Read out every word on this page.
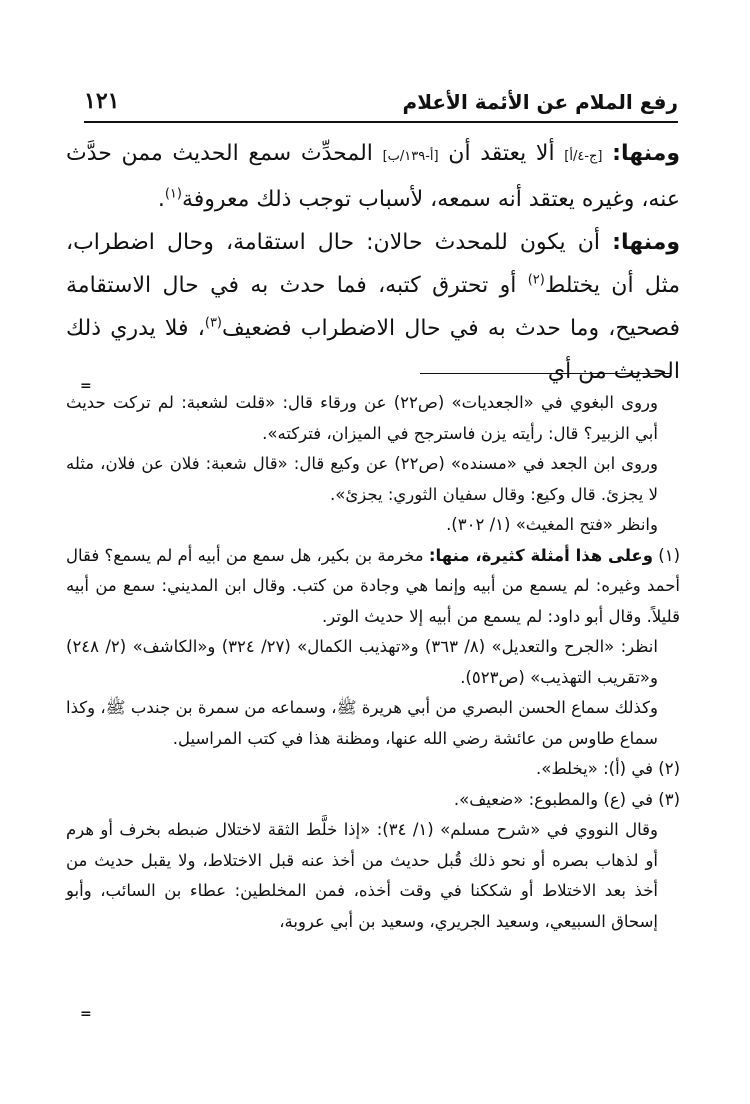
١٢١	رفع الملام عن الأئمة الأعلام

ومنها: [ج-٤/أ] ألا يعتقد أن [أ-١٣٩/ب] المحدِّث سمع الحديث ممن حدَّث عنه، وغيره يعتقد أنه سمعه، لأسباب توجب ذلك معروفة$^{(١)}$.

ومنها: أن يكون للمحدث حالان: حال استقامة، وحال اضطراب، مثل أن يختلط$^{(٢)}$ أو تحترق كتبه، فما حدث به في حال الاستقامة فصحيح، وما حدث به في حال الاضطراب فضعيف$^{(٣)}$، فلا يدري ذلك الحديث من أي

=

وروى البغوي في «الجعديات» (ص٢٢) عن ورقاء قال: «قلت لشعبة: لم تركت حديث أبي الزبير؟ قال: رأيته يزن فاسترجح في الميزان، فتركته».

وروى ابن الجعد في «مسنده» (ص٢٢) عن وكيع قال: «قال شعبة: فلان عن فلان، مثله لا يجزئ. قال وكيع: وقال سفيان الثوري: يجزئ».

وانظر «فتح المغيث» (١/ ٣٠٢).

(١) وعلى هذا أمثلة كثيرة، منها: مخرمة بن بكير، هل سمع من أبيه أم لم يسمع؟ فقال أحمد وغيره: لم يسمع من أبيه وإنما هي وجادة من كتب. وقال ابن المديني: سمع من أبيه قليلاً. وقال أبو داود: لم يسمع من أبيه إلا حديث الوتر.

انظر: «الجرح والتعديل» (٨/ ٣٦٣) و«تهذيب الكمال» (٢٧/ ٣٢٤) و«الكاشف» (٢/ ٢٤٨) و«تقريب التهذيب» (ص٥٢٣).

وكذلك سماع الحسن البصري من أبي هريرة ﷺ، وسماعه من سمرة بن جندب ﷺ، وكذا سماع طاوس من عائشة رضي الله عنها، ومظنة هذا في كتب المراسيل.

(٢) في (أ): «يخلط».

(٣) في (ع) والمطبوع: «ضعيف».

وقال النووي في «شرح مسلم» (١/ ٣٤): «إذا خلَّط الثقة لاختلال ضبطه بخرف أو هرم أو لذهاب بصره أو نحو ذلك قُبل حديث من أخذ عنه قبل الاختلاط، ولا يقبل حديث من أخذ بعد الاختلاط أو شككنا في وقت أخذه، فمن المخلطين: عطاء بن السائب، وأبو إسحاق السبيعي، وسعيد الجريري، وسعيد بن أبي عروبة،

=
